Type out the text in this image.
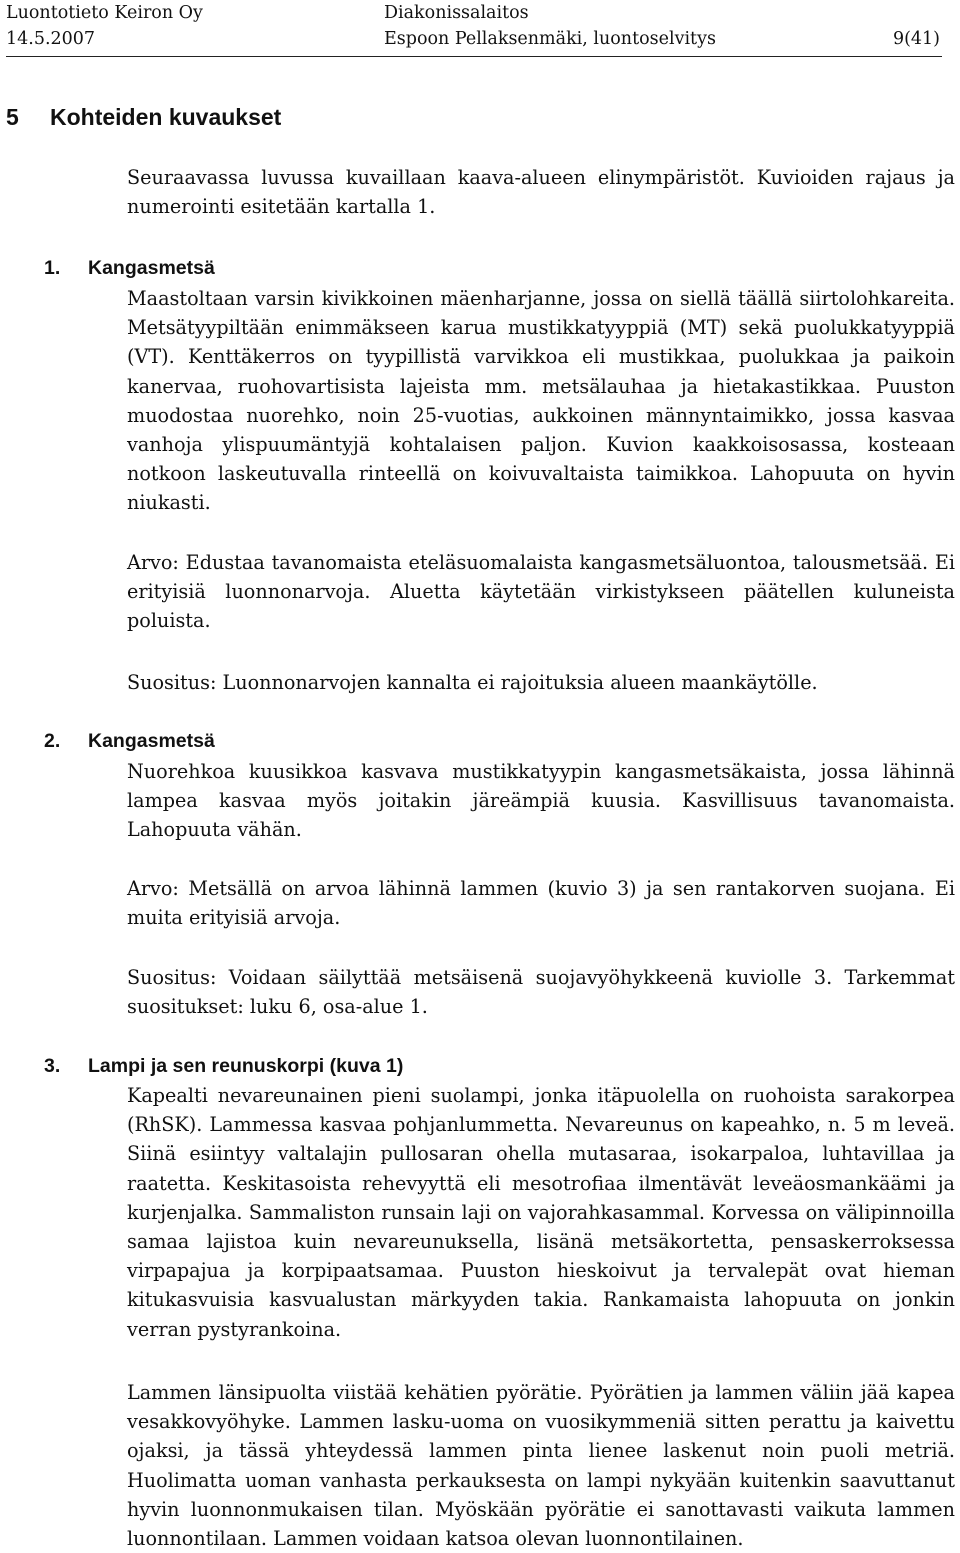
Luontotieto Keiron Oy
14.5.2007
Diakonissalaitos
Espoon Pellaksenmäki, luontoselvitys
	9(41)
5 Kohteiden kuvaukset

Seuraavassa luvussa kuvaillaan kaava-alueen elinympäristöt. Kuvioiden rajaus ja numerointi esitetään kartalla 1.

1. Kangasmetsä

Maastoltaan varsin kivikkoinen mäenharjanne, jossa on siellä täällä siirtolohkareita. Metsätyypiltään enimmäkseen karua mustikkatyyppiä (MT) sekä puolukkatyyppiä (VT). Kenttäkerros on tyypillistä varvikkoa eli mustikkaa, puolukkaa ja paikoin kanervaa, ruohovartisista lajeista mm. metsälauhaa ja hietakastikkaa. Puuston muodostaa nuorehko, noin 25-vuotias, aukkoinen männyntaimikko, jossa kasvaa vanhoja ylispuumäntyjä kohtalaisen paljon. Kuvion kaakkoisosassa, kosteaan notkoon laskeutuvalla rinteellä on koivuvaltaista taimikkoa. Lahopuuta on hyvin niukasti.

Arvo: Edustaa tavanomaista eteläsuomalaista kangasmetsäluontoa, talousmetsää. Ei erityisiä luonnonarvoja. Aluetta käytetään virkistykseen päätellen kuluneista poluista.

Suositus: Luonnonarvojen kannalta ei rajoituksia alueen maankäytölle.

2. Kangasmetsä

Nuorehkoa kuusikkoa kasvava mustikkatyypin kangasmetsäkaista, jossa lähinnä lampea kasvaa myös joitakin järeämpiä kuusia. Kasvillisuus tavanomaista. Lahopuuta vähän.

Arvo: Metsällä on arvoa lähinnä lammen (kuvio 3) ja sen rantakorven suojana. Ei muita erityisiä arvoja.

Suositus: Voidaan säilyttää metsäisenä suojavyöhykkeenä kuviolle 3. Tarkemmat suositukset: luku 6, osa-alue 1.

3. Lampi ja sen reunuskorpi (kuva 1)

Kapealti nevareunainen pieni suolampi, jonka itäpuolella on ruohoista sarakorpea (RhSK). Lammessa kasvaa pohjanlummetta. Nevareunus on kapeahko, n. 5 m leveä. Siinä esiintyy valtalajin pullosaran ohella mutasaraa, isokarpaloa, luhtavillaa ja raatetta. Keskitasoista rehevyyttä eli mesotrofiaa ilmentävät leveäosmankäämi ja kurjenjalka. Sammaliston runsain laji on vajorahkasammal. Korvessa on välipinnoilla samaa lajistoa kuin nevareunuksella, lisänä metsäkortetta, pensaskerroksessa virpapajua ja korpipaatsamaa. Puuston hieskoivut ja tervalepät ovat hieman kitukasvuisia kasvualustan märkyyden takia. Rankamaista lahopuuta on jonkin verran pystyrankoina.

Lammen länsipuolta viistää kehätien pyörätie. Pyörätien ja lammen väliin jää kapea vesakkovyöhyke. Lammen lasku-uoma on vuosikymmeniä sitten perattu ja kaivettu ojaksi, ja tässä yhteydessä lammen pinta lienee laskenut noin puoli metriä. Huolimatta uoman vanhasta perkauksesta on lampi nykyään kuitenkin saavuttanut hyvin luonnonmukaisen tilan. Myöskään pyörätie ei sanottavasti vaikuta lammen luonnontilaan. Lammen voidaan katsoa olevan luonnontilainen.
